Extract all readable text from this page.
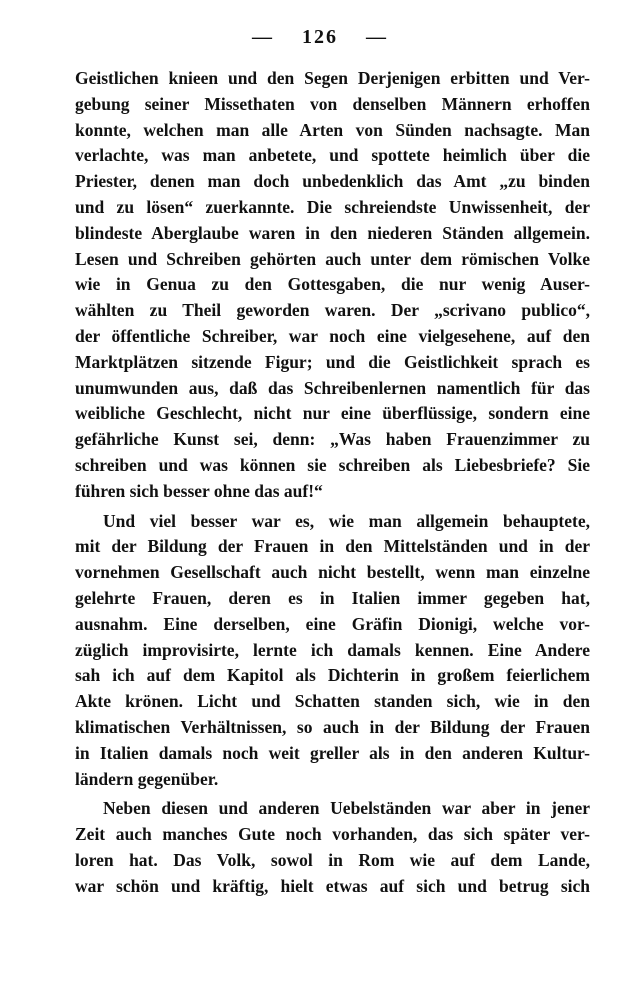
— 126 —
Geistlichen knieen und den Segen Derjenigen erbitten und Ver-
gebung seiner Missethaten von denselben Männern erhoffen
konnte, welchen man alle Arten von Sünden nachsagte. Man
verlachte, was man anbetete, und spottete heimlich über die
Priester, denen man doch unbedenklich das Amt „zu binden
und zu lösen“ zuerkannte. Die schreiendste Unwissenheit, der
blindeste Aberglaube waren in den niederen Ständen allgemein.
Lesen und Schreiben gehörten auch unter dem römischen Volke
wie in Genua zu den Gottesgaben, die nur wenig Auser-
wählten zu Theil geworden waren. Der „scrivano publico“,
der öffentliche Schreiber, war noch eine vielgesehene, auf den
Marktplätzen sitzende Figur; und die Geistlichkeit sprach es
unumwunden aus, daß das Schreibenlernen namentlich für das
weibliche Geschlecht, nicht nur eine überflüssige, sondern eine
gefährliche Kunst sei, denn: „Was haben Frauenzimmer zu
schreiben und was können sie schreiben als Liebesbriefe? Sie
führen sich besser ohne das auf!“
Und viel besser war es, wie man allgemein behauptete,
mit der Bildung der Frauen in den Mittelständen und in der
vornehmen Gesellschaft auch nicht bestellt, wenn man einzelne
gelehrte Frauen, deren es in Italien immer gegeben hat,
ausnahm. Eine derselben, eine Gräfin Dionigi, welche vor-
züglich improvisirte, lernte ich damals kennen. Eine Andere
sah ich auf dem Kapitol als Dichterin in großem feierlichem
Akte krönen. Licht und Schatten standen sich, wie in den
klimatischen Verhältnissen, so auch in der Bildung der Frauen
in Italien damals noch weit greller als in den anderen Kultur-
ländern gegenüber.
Neben diesen und anderen Uebelständen war aber in jener
Zeit auch manches Gute noch vorhanden, das sich später ver-
loren hat. Das Volk, sowol in Rom wie auf dem Lande,
war schön und kräftig, hielt etwas auf sich und betrug sich
